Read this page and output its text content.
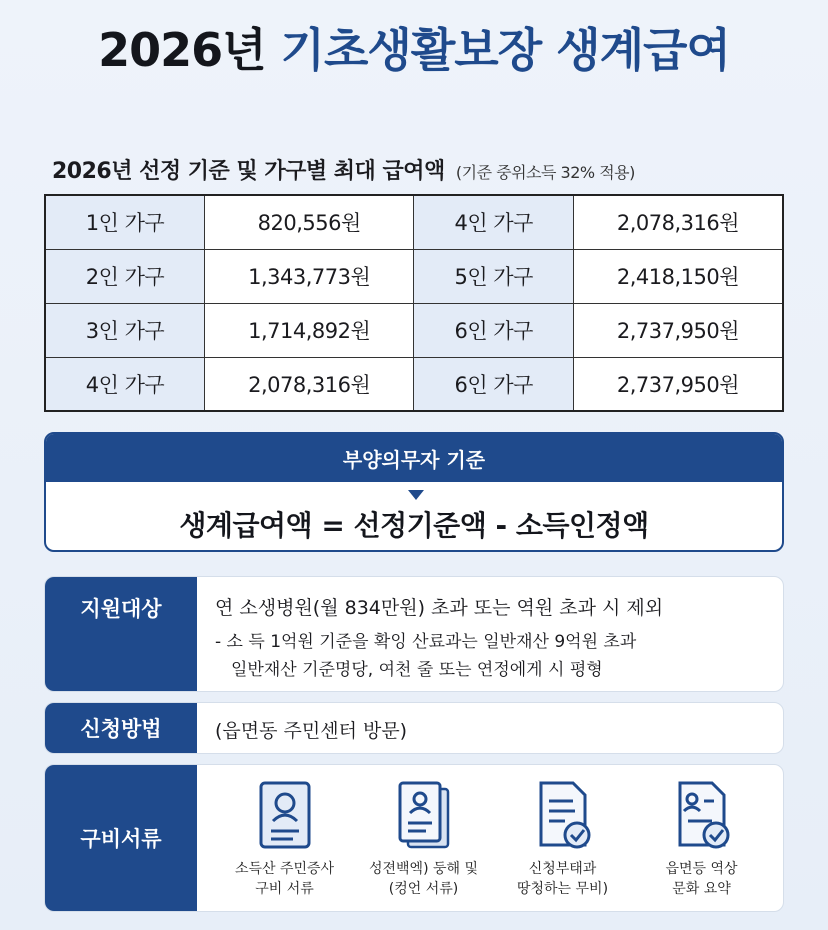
2026년 기초생활보장 생계급여
2026년 선정 기준 및 가구별 최대 급여액 (기준 중위소득 32% 적용)
1인 가구	820,556원	4인 가구	2,078,316원
2인 가구	1,343,773원	5인 가구	2,418,150원
3인 가구	1,714,892원	6인 가구	2,737,950원
4인 가구	2,078,316원	6인 가구	2,737,950원
부양의무자 기준
생계급여액 = 선정기준액 - 소득인정액
지원대상	연 소생병원(월 834만원) 초과 또는 역원 초과 시 제외
- 소 득 1억원 기준을 확잉 산료과는 일반재산 9억원 초과
일반재산 기준명당, 여천 줄 또는 연정에게 시 평형
신청방법	(읍면동 주민센터 방문)
구비서류
소득산 주민증사
구비 서류
성젼백엑) 둥해 및
(컹언 서류)
신청부태과
땅청하는 무비)
읍면등 역상
문화 요약
